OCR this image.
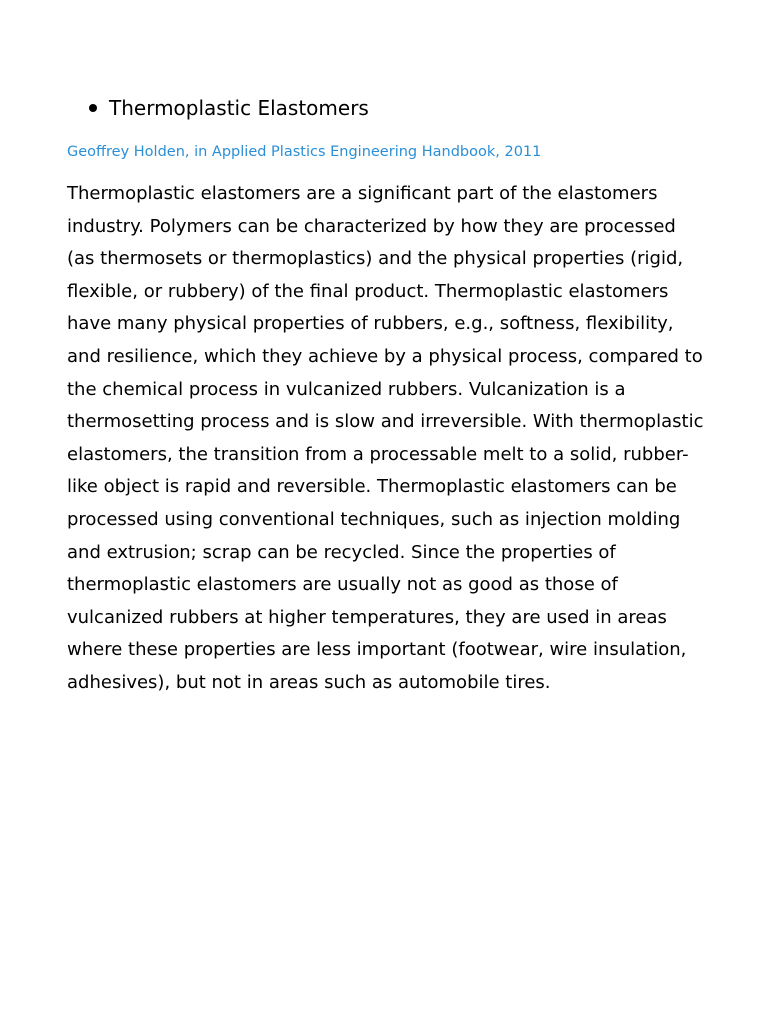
Thermoplastic Elastomers
Geoffrey Holden, in Applied Plastics Engineering Handbook, 2011

Thermoplastic elastomers are a significant part of the elastomers industry. Polymers can be characterized by how they are processed (as thermosets or thermoplastics) and the physical properties (rigid, flexible, or rubbery) of the final product. Thermoplastic elastomers have many physical properties of rubbers, e.g., softness, flexibility, and resilience, which they achieve by a physical process, compared to the chemical process in vulcanized rubbers. Vulcanization is a thermosetting process and is slow and irreversible. With thermoplastic elastomers, the transition from a processable melt to a solid, rubber-like object is rapid and reversible. Thermoplastic elastomers can be processed using conventional techniques, such as injection molding and extrusion; scrap can be recycled. Since the properties of thermoplastic elastomers are usually not as good as those of vulcanized rubbers at higher temperatures, they are used in areas where these properties are less important (footwear, wire insulation, adhesives), but not in areas such as automobile tires.
